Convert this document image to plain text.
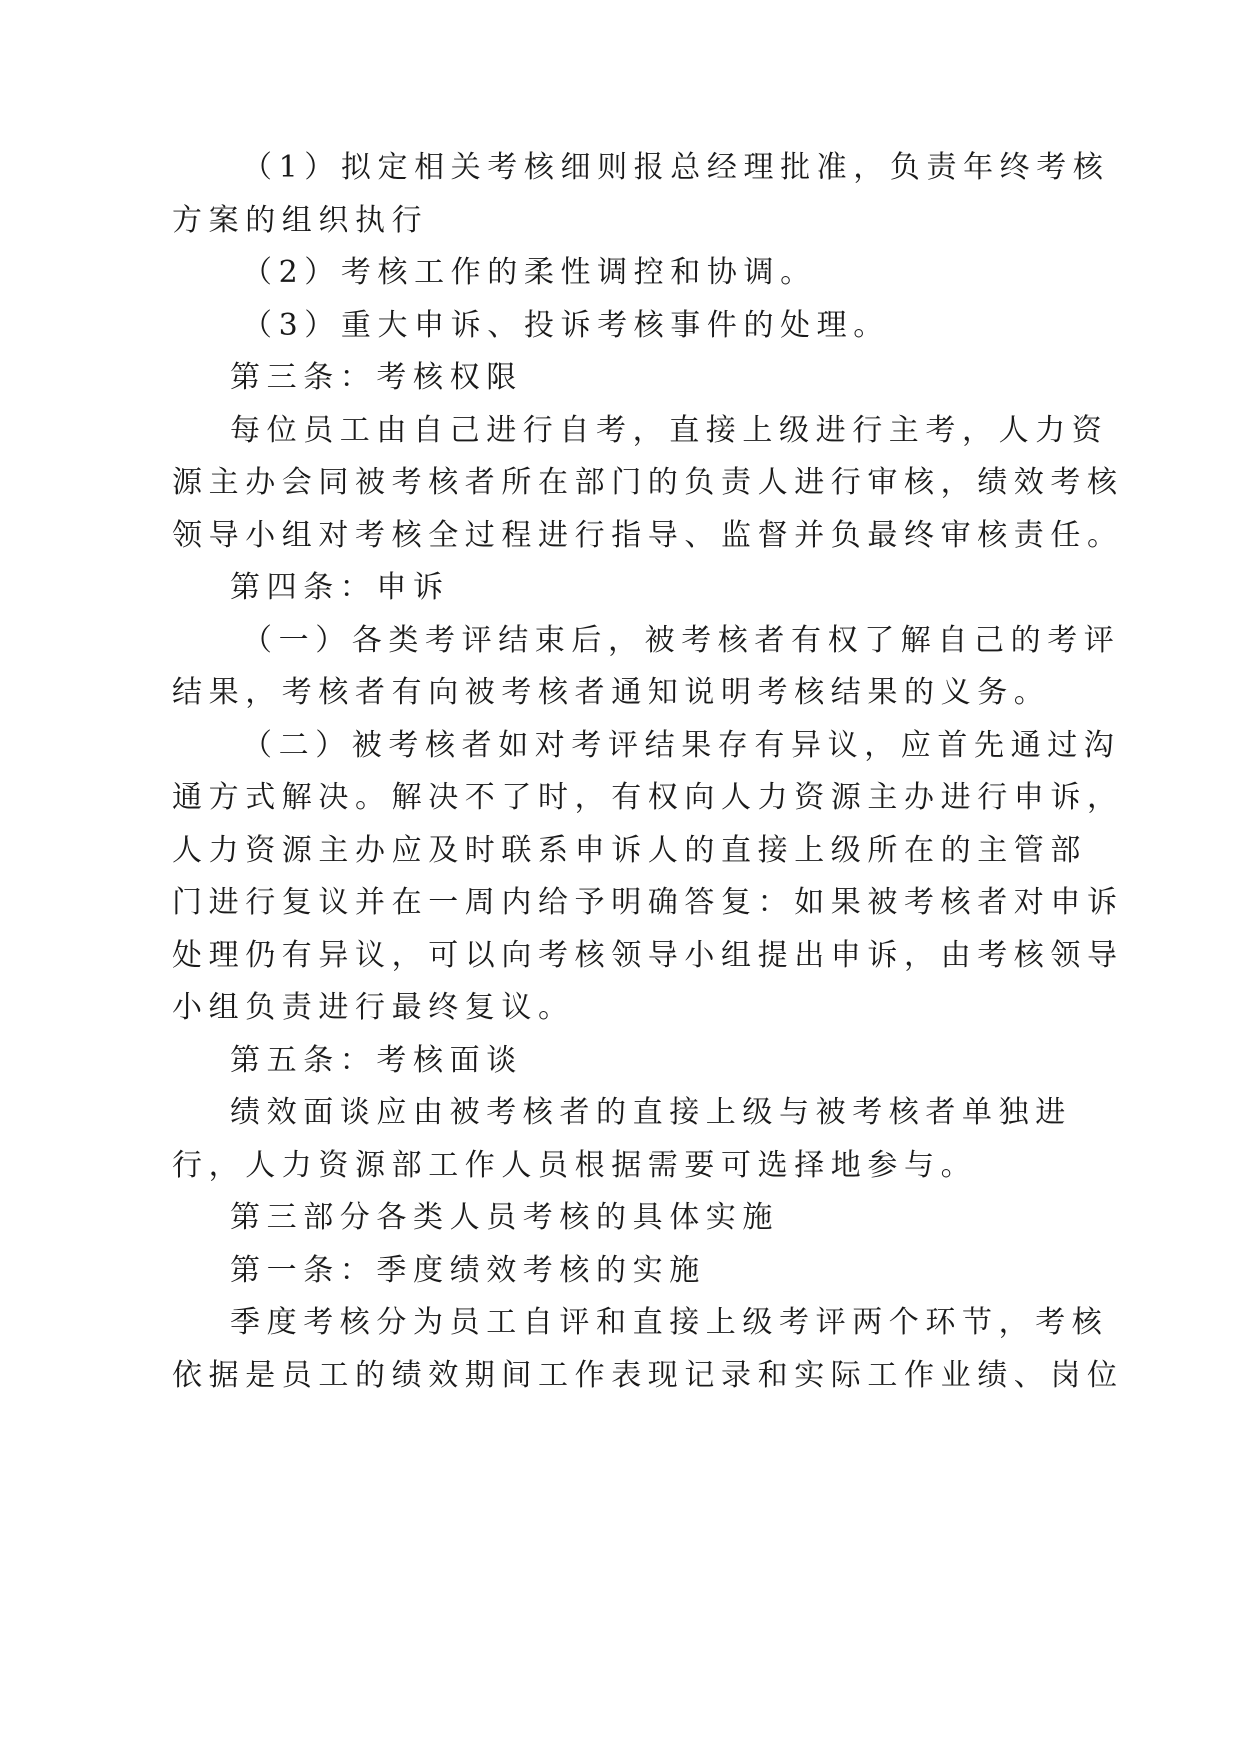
（1）拟定相关考核细则报总经理批准，负责年终考核

方案的组织执行

（2）考核工作的柔性调控和协调。

（3）重大申诉、投诉考核事件的处理。

第三条：考核权限

每位员工由自己进行自考，直接上级进行主考，人力资

源主办会同被考核者所在部门的负责人进行审核，绩效考核

领导小组对考核全过程进行指导、监督并负最终审核责任。

第四条：申诉

（一）各类考评结束后，被考核者有权了解自己的考评

结果，考核者有向被考核者通知说明考核结果的义务。

（二）被考核者如对考评结果存有异议，应首先通过沟

通方式解决。解决不了时，有权向人力资源主办进行申诉，

人力资源主办应及时联系申诉人的直接上级所在的主管部

门进行复议并在一周内给予明确答复：如果被考核者对申诉

处理仍有异议，可以向考核领导小组提出申诉，由考核领导

小组负责进行最终复议。

第五条：考核面谈

绩效面谈应由被考核者的直接上级与被考核者单独进

行，人力资源部工作人员根据需要可选择地参与。

第三部分各类人员考核的具体实施

第一条：季度绩效考核的实施

季度考核分为员工自评和直接上级考评两个环节，考核

依据是员工的绩效期间工作表现记录和实际工作业绩、岗位
